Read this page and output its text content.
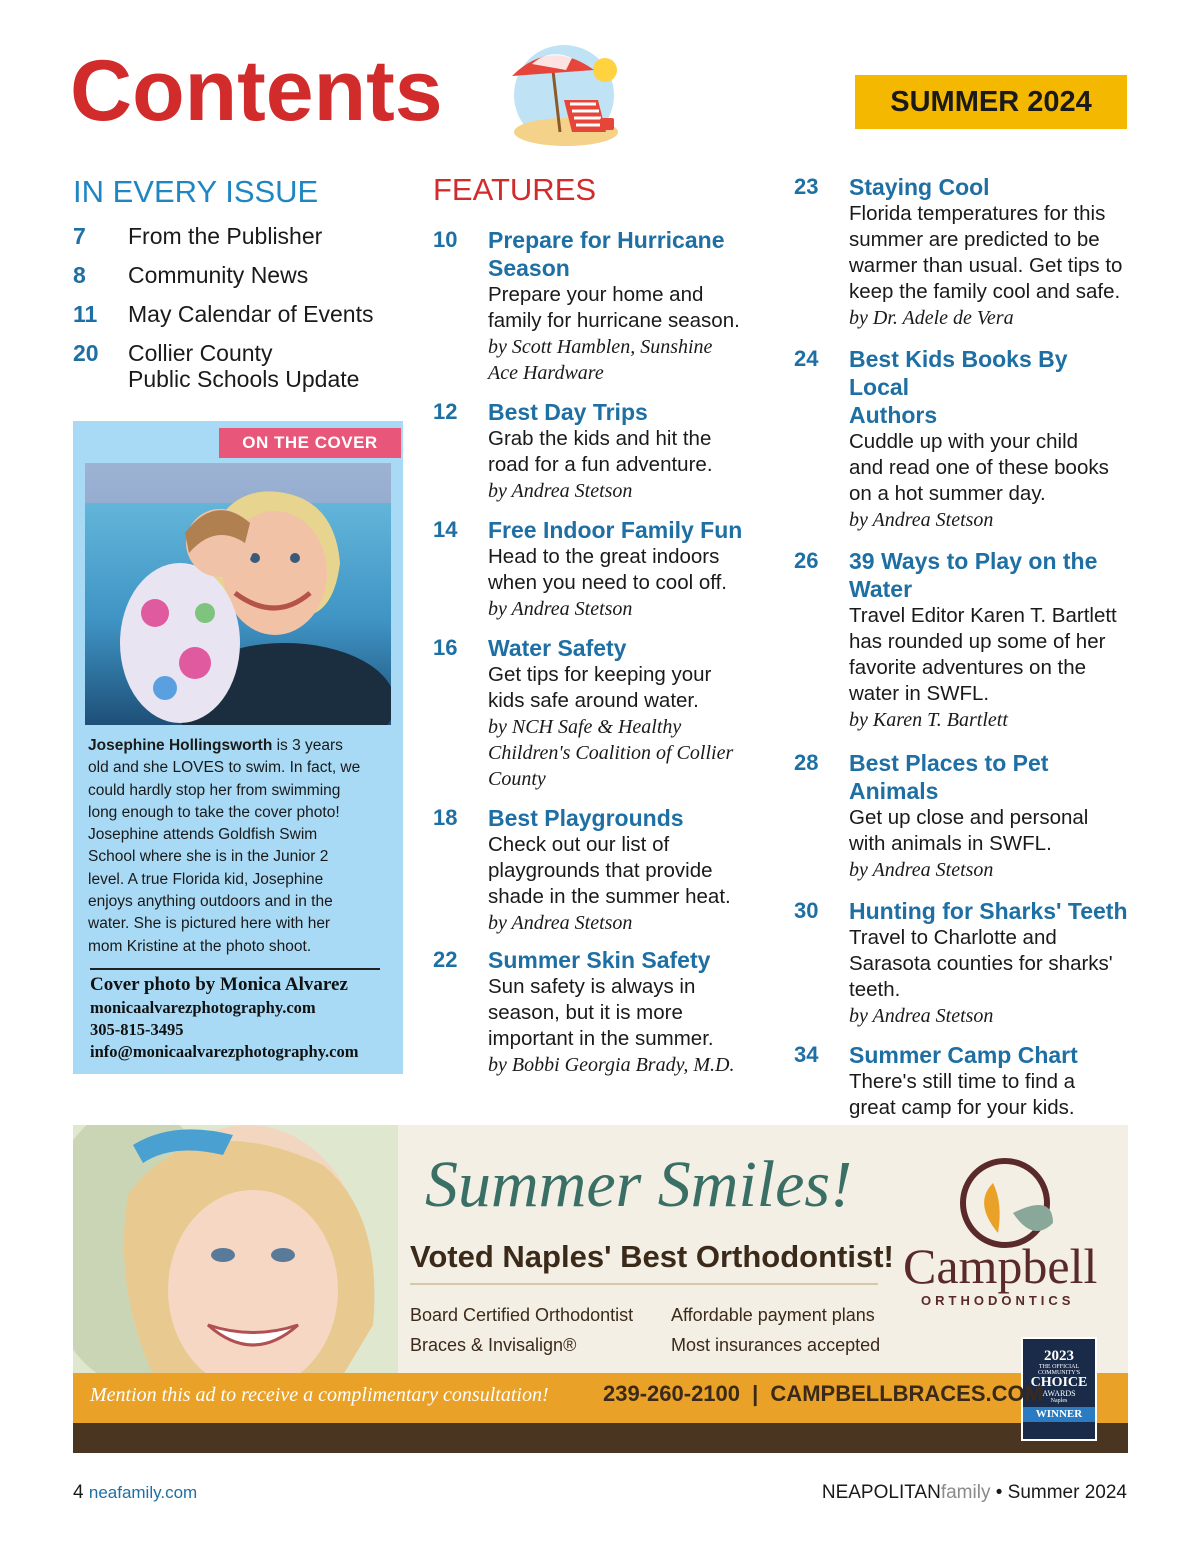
Contents	SUMMER 2024
IN EVERY ISSUE
7	From the Publisher
8	Community News
11	May Calendar of Events
20	Collier County
Public Schools Update
ON THE COVER
Josephine Hollingsworth is 3 years
old and she LOVES to swim. In fact, we
could hardly stop her from swimming
long enough to take the cover photo!
Josephine attends Goldfish Swim
School where she is in the Junior 2
level. A true Florida kid, Josephine
enjoys anything outdoors and in the
water. She is pictured here with her
mom Kristine at the photo shoot.
Cover photo by Monica Alvarez
monicaalvarezphotography.com
305-815-3495
info@monicaalvarezphotography.com
FEATURES
10	Prepare for Hurricane
Season
Prepare your home and
family for hurricane season.
by Scott Hamblen, Sunshine
Ace Hardware
12	Best Day Trips
Grab the kids and hit the
road for a fun adventure.
by Andrea Stetson
14	Free Indoor Family Fun
Head to the great indoors
when you need to cool off.
by Andrea Stetson
16	Water Safety
Get tips for keeping your
kids safe around water.
by NCH Safe & Healthy
Children's Coalition of Collier
County
18	Best Playgrounds
Check out our list of
playgrounds that provide
shade in the summer heat.
by Andrea Stetson
22	Summer Skin Safety
Sun safety is always in
season, but it is more
important in the summer.
by Bobbi Georgia Brady, M.D.
23	Staying Cool
Florida temperatures for this
summer are predicted to be
warmer than usual. Get tips to
keep the family cool and safe.
by Dr. Adele de Vera
24	Best Kids Books By Local
Authors
Cuddle up with your child
and read one of these books
on a hot summer day.
by Andrea Stetson
26	39 Ways to Play on the
Water
Travel Editor Karen T. Bartlett
has rounded up some of her
favorite adventures on the
water in SWFL.
by Karen T. Bartlett
28	Best Places to Pet
Animals
Get up close and personal
with animals in SWFL.
by Andrea Stetson
30	Hunting for Sharks' Teeth
Travel to Charlotte and
Sarasota counties for sharks'
teeth.
by Andrea Stetson
34	Summer Camp Chart
There's still time to find a
great camp for your kids.
Summer Smiles!
Voted Naples' Best Orthodontist!
Board Certified Orthodontist Affordable payment plans
Braces & Invisalign®	Most insurances accepted
Campbell
ORTHODONTICS
2023
THE OFFICIAL
COMMUNITY'S
CHOICE
AWARDS
Naples
WINNER
Mention this ad to receive a complimentary consultation! 239-260-2100 | CAMPBELLBRACES.COM
4 neafamily.com	NEAPOLITANfamily • Summer 2024
